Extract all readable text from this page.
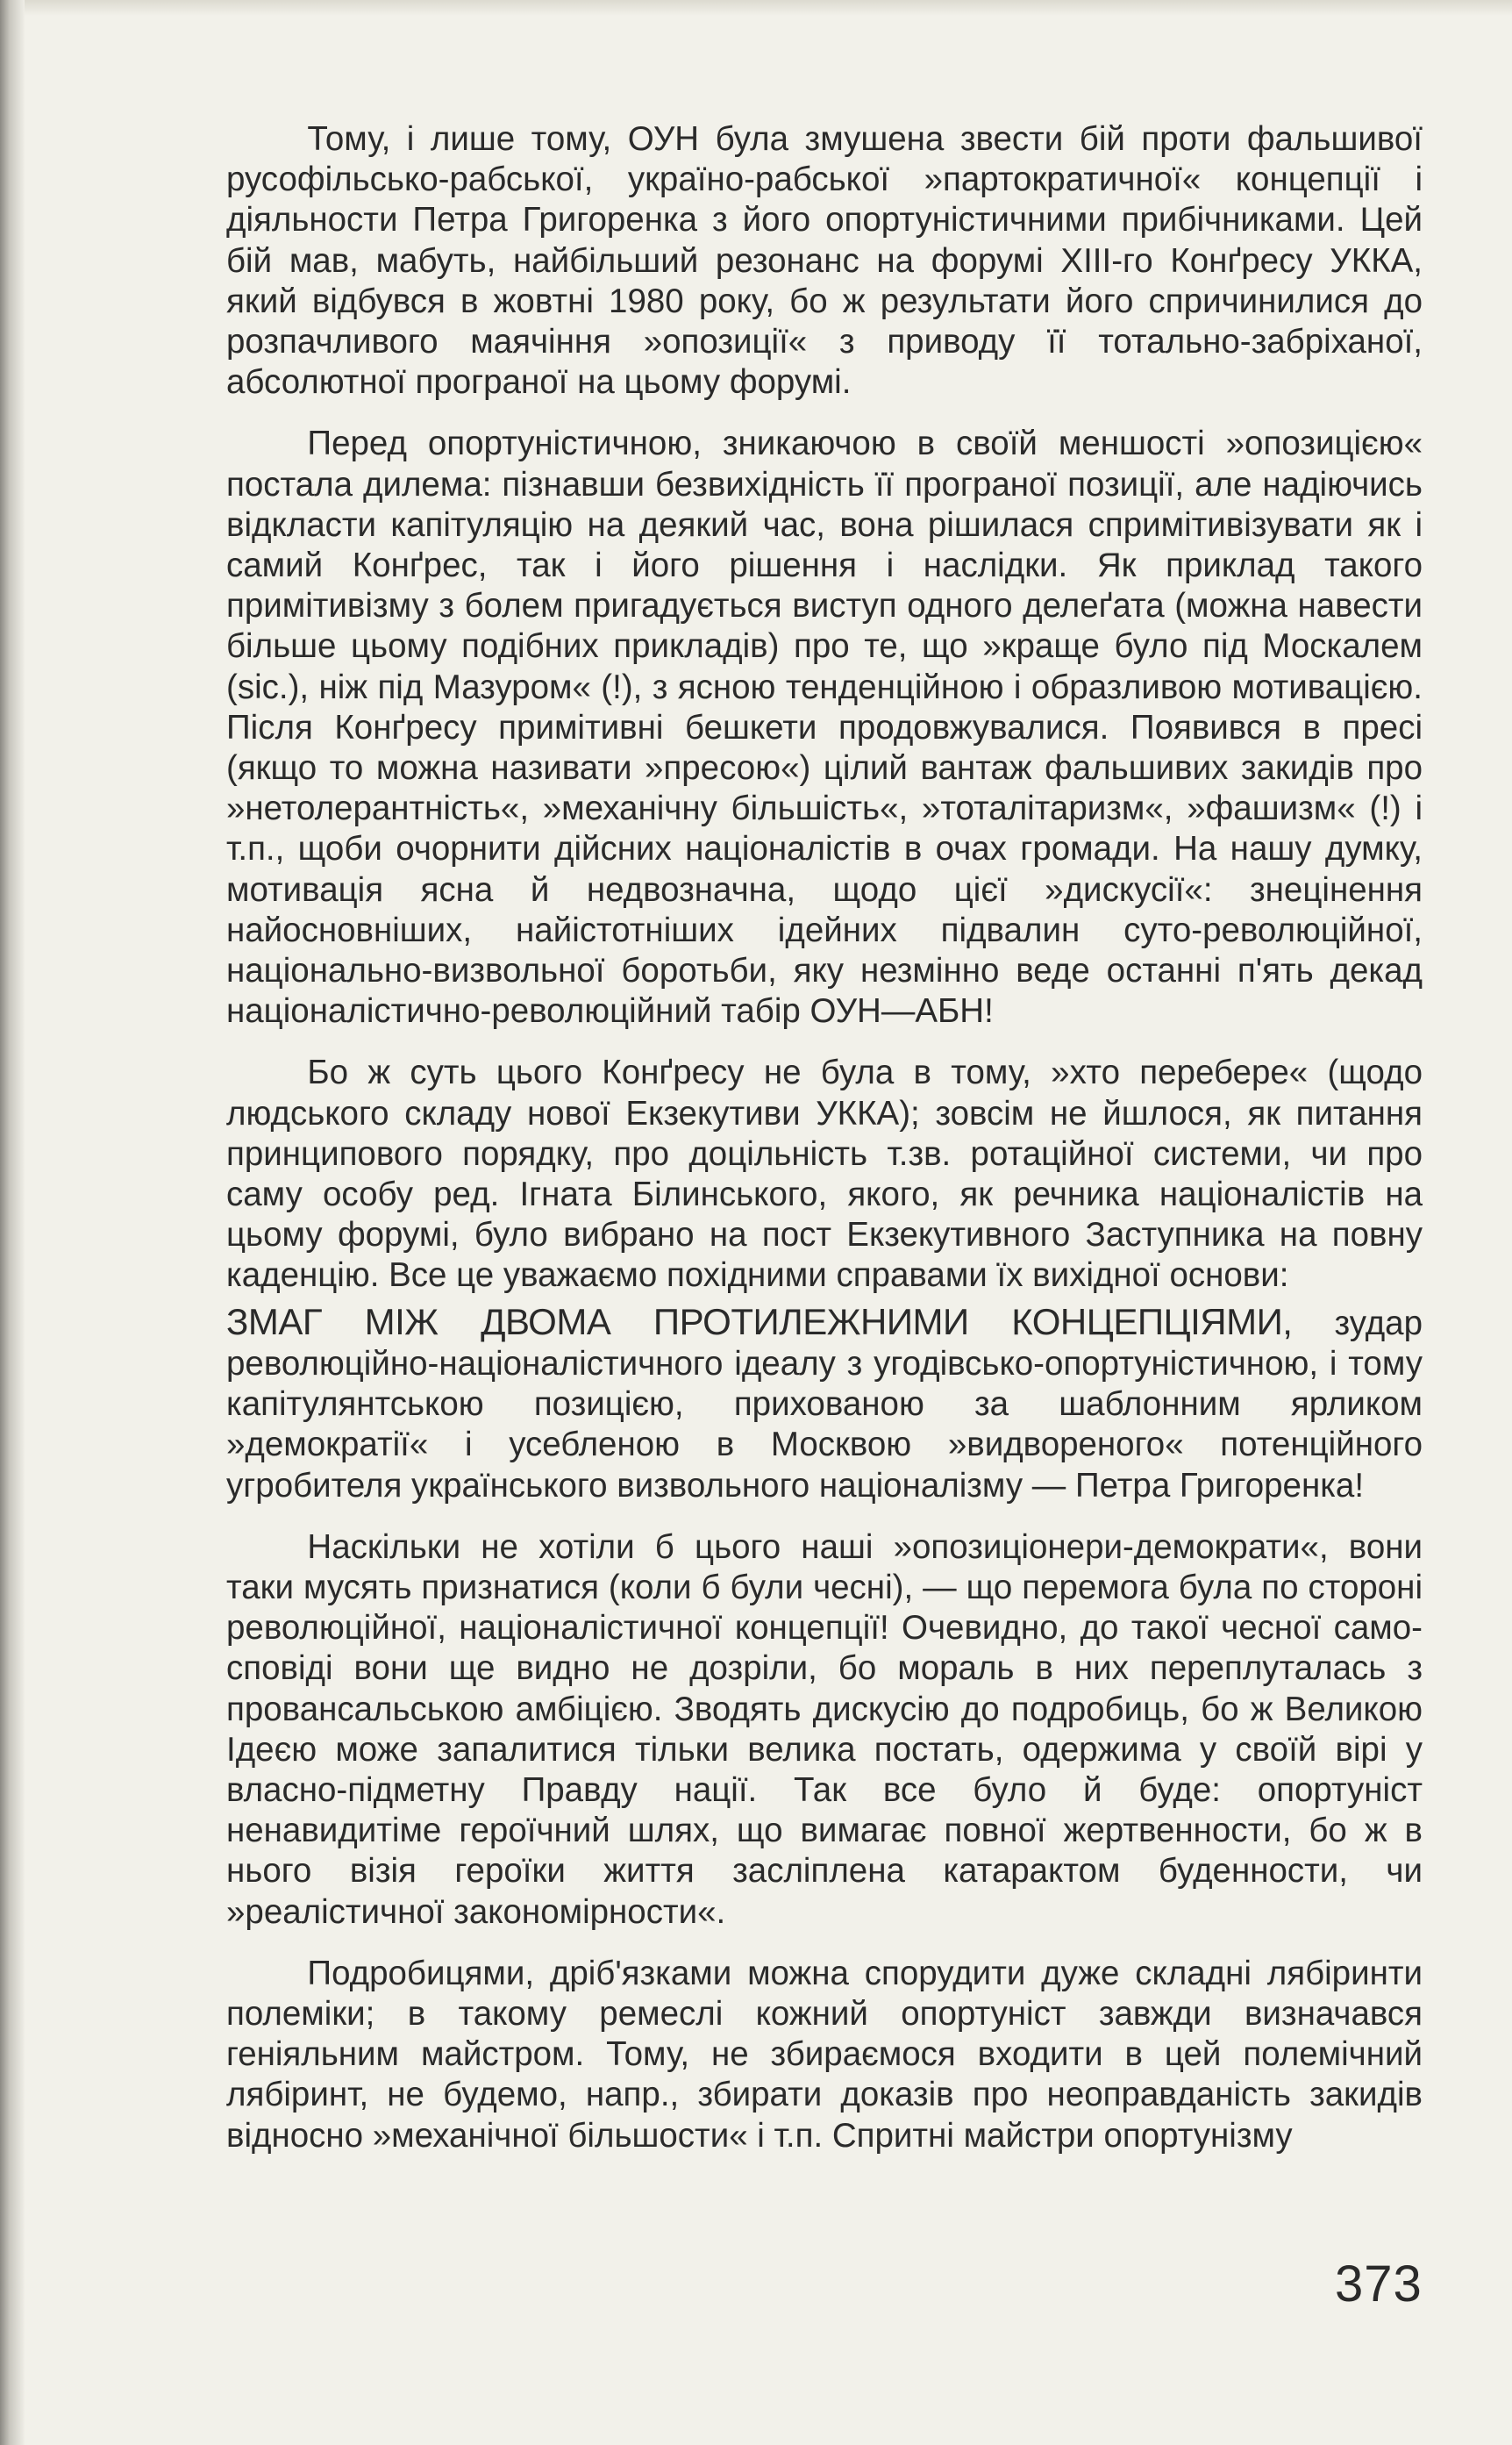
Тому, і лише тому, ОУН була змушена звести бій проти фальшивої русофільсько-рабської, україно-рабської »партократичної« концепції і діяльности Петра Григоренка з його опортуністичними прибічниками. Цей бій мав, мабуть, найбільший резонанс на форумі XIII-го Конґресу УККА, який відбувся в жовтні 1980 року, бо ж результати його спричинилися до розпачливого маячіння »опозиції« з приводу її тотально-забріханої, абсолютної програної на цьому форумі.

Перед опортуністичною, зникаючою в своїй меншості »опозицією« постала дилема: пізнавши безвихідність її програної позиції, але надіючись відкласти капітуляцію на деякий час, вона рішилася спримітивізувати як і самий Конґрес, так і його рішення і наслідки. Як приклад такого примітивізму з болем пригадується виступ одного делеґата (можна навести більше цьому подібних прикладів) про те, що »краще було під Москалем (sic.), ніж під Мазуром« (!), з ясною тенденційною і образливою мотивацією. Після Конґресу примітивні бешкети продовжувалися. Появився в пресі (якщо то можна називати »пресою«) цілий вантаж фальшивих закидів про »нетолерантність«, »механічну більшість«, »тоталітаризм«, »фашизм« (!) і т.п., щоби очорнити дійсних націоналістів в очах громади. На нашу думку, мотивація ясна й недвозначна, щодо цієї »дискусії«: знецінення найосновніших, найістотніших ідейних підвалин суто-революційної, національно-визвольної боротьби, яку незмінно веде останні п'ять декад націоналістично-революційний табір ОУН—АБН!

Бо ж суть цього Конґресу не була в тому, »хто перебере« (щодо людського складу нової Екзекутиви УККА); зовсім не йшлося, як питання принципового порядку, про доцільність т.зв. ротаційної системи, чи про саму особу ред. Ігната Білинського, якого, як речника націоналістів на цьому форумі, було вибрано на пост Екзекутивного Заступника на повну каденцію. Все це уважаємо похідними справами їх вихідної основи:

ЗМАГ МІЖ ДВОМА ПРОТИЛЕЖНИМИ КОНЦЕПЦІЯМИ, зудар революційно-націоналістичного ідеалу з угодівсько-опортуністичною, і тому капітулянтською позицією, прихованою за шаблонним ярликом »демократії« і усебленою в Москвою »видвореного« потенційного угробителя українського визвольного націоналізму — Петра Григоренка!

Наскільки не хотіли б цього наші »опозиціонери-демократи«, вони таки мусять признатися (коли б були чесні), — що перемога була по стороні революційної, націоналістичної концепції! Очевидно, до такої чесної само-сповіді вони ще видно не дозріли, бо мораль в них переплуталась з провансальською амбіцією. Зводять дискусію до подробиць, бо ж Великою Ідеєю може запалитися тільки велика постать, одержима у своїй вірі у власно-підметну Правду нації. Так все було й буде: опортуніст ненавидитіме героїчний шлях, що вимагає повної жертвенности, бо ж в нього візія героїки життя засліплена катарактом буденности, чи »реалістичної закономірности«.

Подробицями, дріб'язками можна спорудити дуже складні лябіринти полеміки; в такому ремеслі кожний опортуніст завжди визначався геніяльним майстром. Тому, не збираємося входити в цей полемічний лябіринт, не будемо, напр., збирати доказів про неоправданість закидів відносно »механічної більшости« і т.п. Спритні майстри опортунізму

373
